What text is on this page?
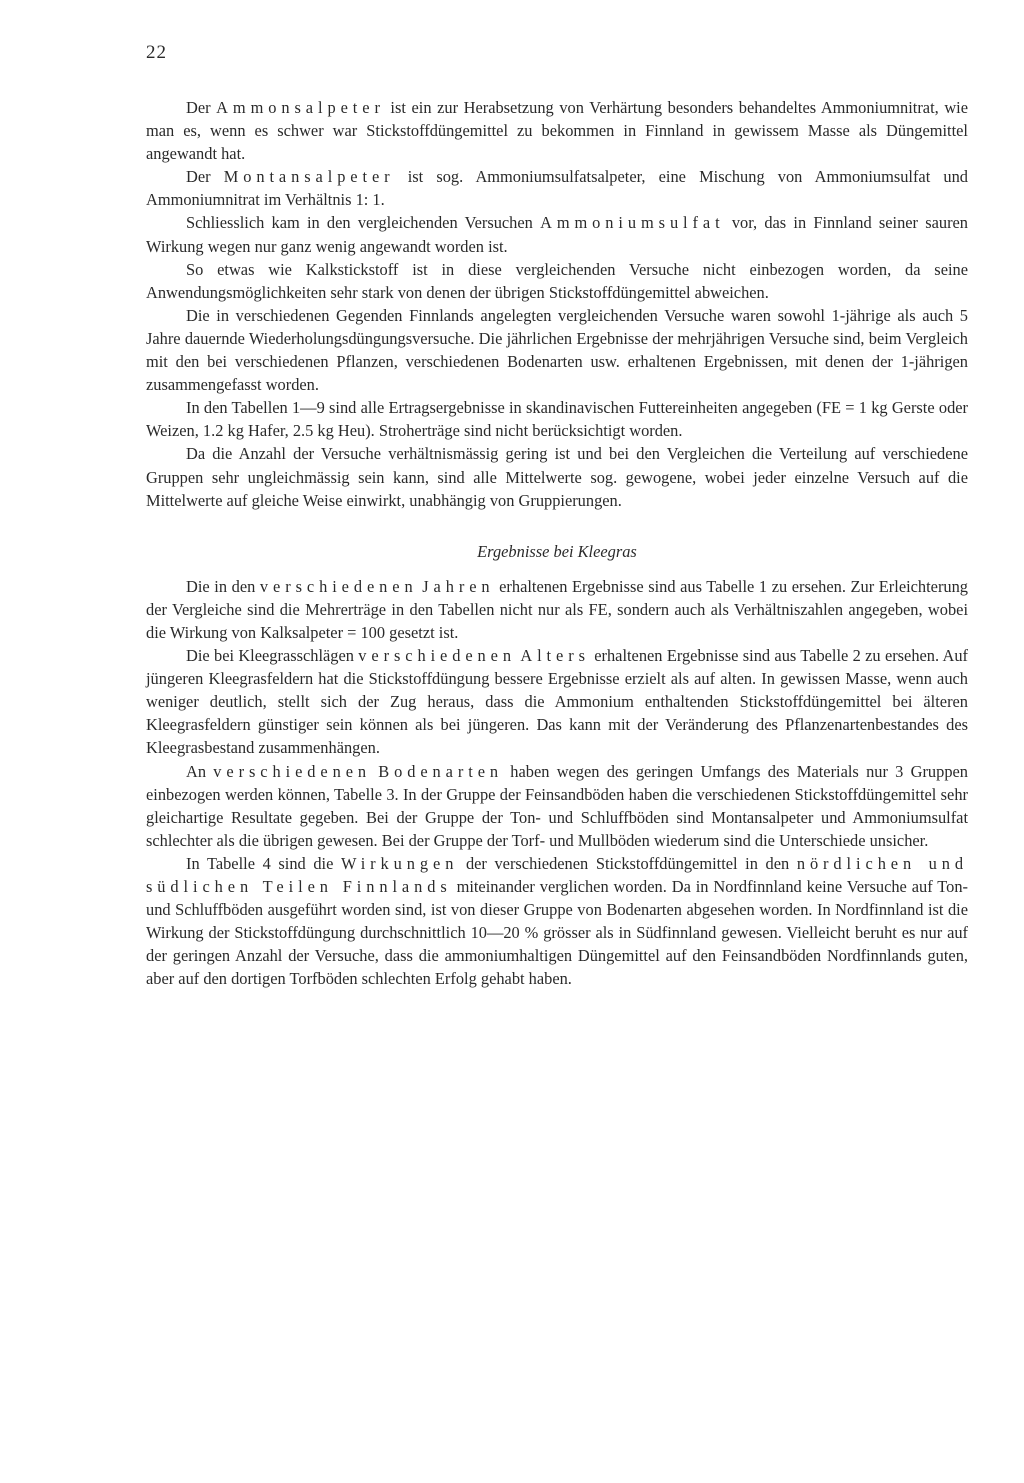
22

Der Ammonsalpeter ist ein zur Herabsetzung von Verhärtung besonders behandeltes Ammoniumnitrat, wie man es, wenn es schwer war Stickstoffdüngemittel zu bekommen in Finnland in gewissem Masse als Düngemittel angewandt hat.

Der Montansalpeter ist sog. Ammoniumsulfatsalpeter, eine Mischung von Ammoniumsulfat und Ammoniumnitrat im Verhältnis 1: 1.

Schliesslich kam in den vergleichenden Versuchen Ammoniumsulfat vor, das in Finnland seiner sauren Wirkung wegen nur ganz wenig angewandt worden ist.

So etwas wie Kalkstickstoff ist in diese vergleichenden Versuche nicht einbezogen worden, da seine Anwendungsmöglichkeiten sehr stark von denen der übrigen Stickstoffdüngemittel abweichen.

Die in verschiedenen Gegenden Finnlands angelegten vergleichenden Versuche waren sowohl 1-jährige als auch 5 Jahre dauernde Wiederholungsdüngungsversuche. Die jährlichen Ergebnisse der mehrjährigen Versuche sind, beim Vergleich mit den bei verschiedenen Pflanzen, verschiedenen Bodenarten usw. erhaltenen Ergebnissen, mit denen der 1-jährigen zusammengefasst worden.

In den Tabellen 1—9 sind alle Ertragsergebnisse in skandinavischen Futtereinheiten angegeben (FE = 1 kg Gerste oder Weizen, 1.2 kg Hafer, 2.5 kg Heu). Stroherträge sind nicht berücksichtigt worden.

Da die Anzahl der Versuche verhältnismässig gering ist und bei den Vergleichen die Verteilung auf verschiedene Gruppen sehr ungleichmässig sein kann, sind alle Mittelwerte sog. gewogene, wobei jeder einzelne Versuch auf die Mittelwerte auf gleiche Weise einwirkt, unabhängig von Gruppierungen.

Ergebnisse bei Kleegras

Die in den verschiedenen Jahren erhaltenen Ergebnisse sind aus Tabelle 1 zu ersehen. Zur Erleichterung der Vergleiche sind die Mehrerträge in den Tabellen nicht nur als FE, sondern auch als Verhältniszahlen angegeben, wobei die Wirkung von Kalksalpeter = 100 gesetzt ist.

Die bei Kleegrasschlägen verschiedenen Alters erhaltenen Ergebnisse sind aus Tabelle 2 zu ersehen. Auf jüngeren Kleegrasfeldern hat die Stickstoffdüngung bessere Ergebnisse erzielt als auf alten. In gewissen Masse, wenn auch weniger deutlich, stellt sich der Zug heraus, dass die Ammonium enthaltenden Stickstoffdüngemittel bei älteren Kleegrasfeldern günstiger sein können als bei jüngeren. Das kann mit der Veränderung des Pflanzenartenbestandes des Kleegrasbestand zusammenhängen.

An verschiedenen Bodenarten haben wegen des geringen Umfangs des Materials nur 3 Gruppen einbezogen werden können, Tabelle 3. In der Gruppe der Feinsandböden haben die verschiedenen Stickstoffdüngemittel sehr gleichartige Resultate gegeben. Bei der Gruppe der Ton- und Schluffböden sind Montansalpeter und Ammoniumsulfat schlechter als die übrigen gewesen. Bei der Gruppe der Torf- und Mullböden wiederum sind die Unterschiede unsicher.

In Tabelle 4 sind die Wirkungen der verschiedenen Stickstoffdüngemittel in den nördlichen und südlichen Teilen Finnlands miteinander verglichen worden. Da in Nordfinnland keine Versuche auf Ton- und Schluffböden ausgeführt worden sind, ist von dieser Gruppe von Bodenarten abgesehen worden. In Nordfinnland ist die Wirkung der Stickstoffdüngung durchschnittlich 10—20 % grösser als in Südfinnland gewesen. Vielleicht beruht es nur auf der geringen Anzahl der Versuche, dass die ammoniumhaltigen Düngemittel auf den Feinsandböden Nordfinnlands guten, aber auf den dortigen Torfböden schlechten Erfolg gehabt haben.
